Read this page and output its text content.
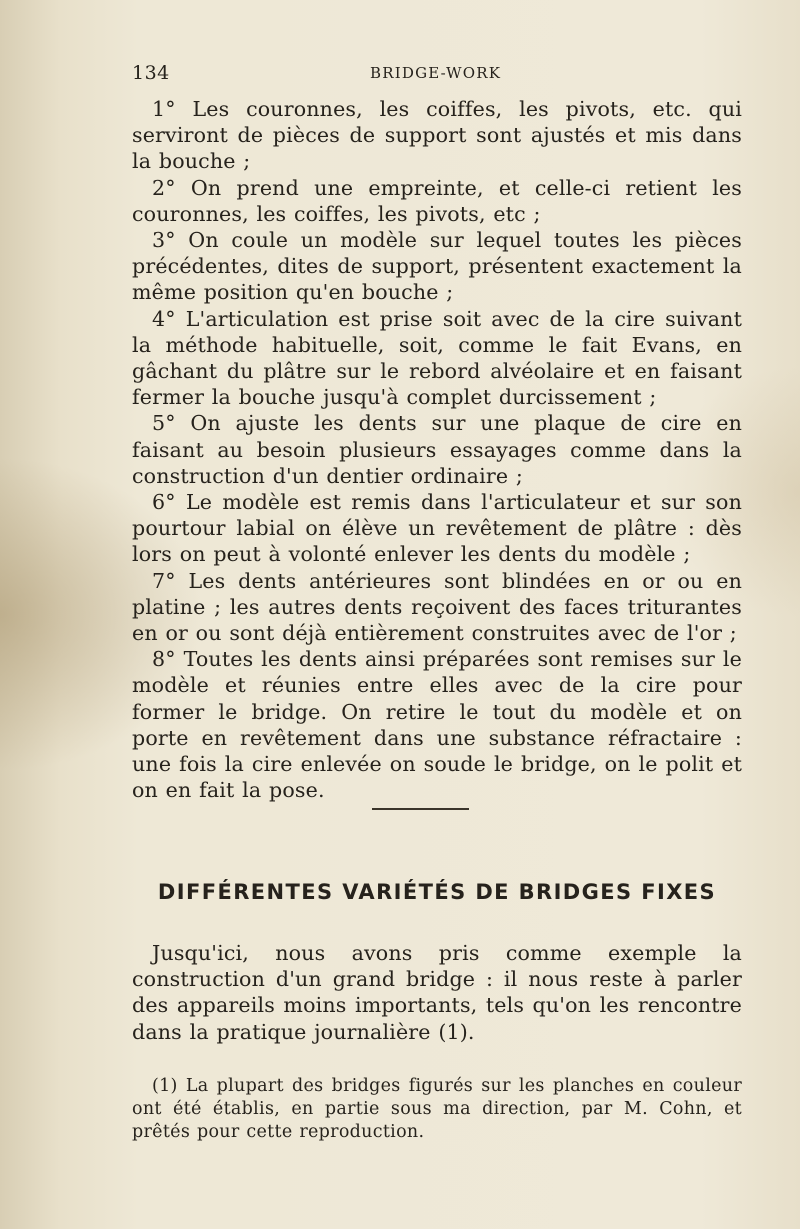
134	BRIDGE-WORK

1° Les couronnes, les coiffes, les pivots, etc. qui serviront de pièces de support sont ajustés et mis dans la bouche ;

2° On prend une empreinte, et celle-ci retient les couronnes, les coiffes, les pivots, etc ;

3° On coule un modèle sur lequel toutes les pièces précédentes, dites de support, présentent exactement la même position qu'en bouche ;

4° L'articulation est prise soit avec de la cire suivant la méthode habituelle, soit, comme le fait Evans, en gâchant du plâtre sur le rebord alvéolaire et en faisant fermer la bouche jusqu'à complet durcissement ;

5° On ajuste les dents sur une plaque de cire en faisant au besoin plusieurs essayages comme dans la construction d'un dentier ordinaire ;

6° Le modèle est remis dans l'articulateur et sur son pourtour labial on élève un revêtement de plâtre : dès lors on peut à volonté enlever les dents du modèle ;

7° Les dents antérieures sont blindées en or ou en platine ; les autres dents reçoivent des faces triturantes en or ou sont déjà entièrement construites avec de l'or ;

8° Toutes les dents ainsi préparées sont remises sur le modèle et réunies entre elles avec de la cire pour former le bridge. On retire le tout du modèle et on porte en revêtement dans une substance réfractaire : une fois la cire enlevée on soude le bridge, on le polit et on en fait la pose.

DIFFÉRENTES VARIÉTÉS DE BRIDGES FIXES

Jusqu'ici, nous avons pris comme exemple la construction d'un grand bridge : il nous reste à parler des appareils moins importants, tels qu'on les rencontre dans la pratique journalière (1).

(1) La plupart des bridges figurés sur les planches en couleur ont été établis, en partie sous ma direction, par M. Cohn, et prêtés pour cette reproduction.
